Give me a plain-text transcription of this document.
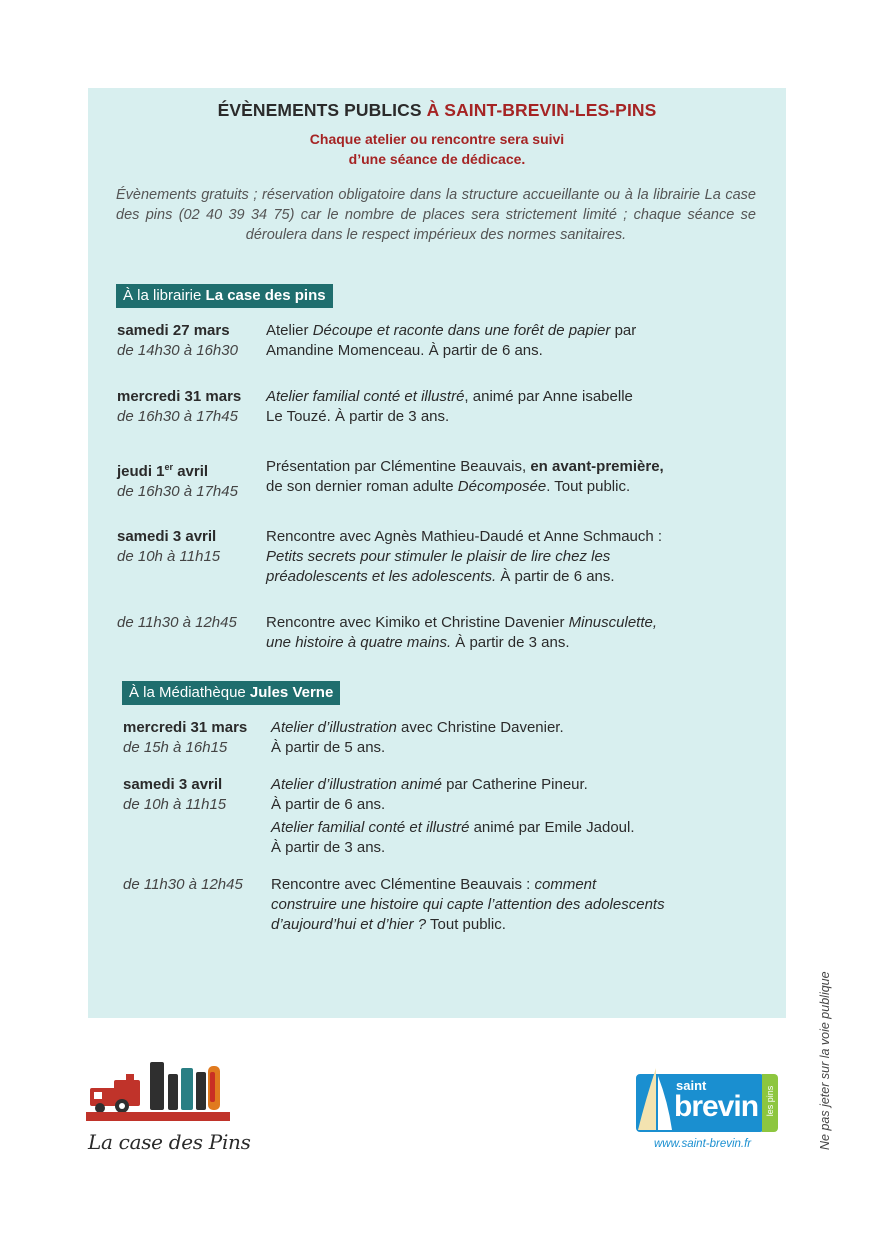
ÉVÈNEMENTS PUBLICS À SAINT-BREVIN-LES-PINS
Chaque atelier ou rencontre sera suivi
d’une séance de dédicace.
Évènements gratuits ; réservation obligatoire dans la structure accueillante ou à la librairie La case des pins (02 40 39 34 75) car le nombre de places sera strictement limité ; chaque séance se déroulera dans le respect impérieux des normes sanitaires.
À la librairie La case des pins
samedi 27 mars
de 14h30 à 16h30
Atelier Découpe et raconte dans une forêt de papier par
Amandine Momenceau. À partir de 6 ans.
mercredi 31 mars
de 16h30 à 17h45
Atelier familial conté et illustré, animé par Anne isabelle
Le Touzé. À partir de 3 ans.
jeudi 1er avril
de 16h30 à 17h45
Présentation par Clémentine Beauvais, en avant-première,
de son dernier roman adulte Décomposée. Tout public.
samedi 3 avril
de 10h à 11h15
Rencontre avec Agnès Mathieu-Daudé et Anne Schmauch :
Petits secrets pour stimuler le plaisir de lire chez les
préadolescents et les adolescents. À partir de 6 ans.
de 11h30 à 12h45 Rencontre avec Kimiko et Christine Davenier Minusculette,
une histoire à quatre mains. À partir de 3 ans.
À la Médiathèque Jules Verne
mercredi 31 mars
de 15h à 16h15
Atelier d’illustration avec Christine Davenier.
À partir de 5 ans.
samedi 3 avril
de 10h à 11h15
Atelier d’illustration animé par Catherine Pineur.
À partir de 6 ans.
Atelier familial conté et illustré animé par Emile Jadoul.
À partir de 3 ans.
de 11h30 à 12h45 Rencontre avec Clémentine Beauvais : comment
construire une histoire qui capte l’attention des adolescents
d’aujourd’hui et d’hier ? Tout public.
La case des Pins
saint
brevin les pins
www.saint-brevin.fr	Ne pas jeter sur la voie publique
